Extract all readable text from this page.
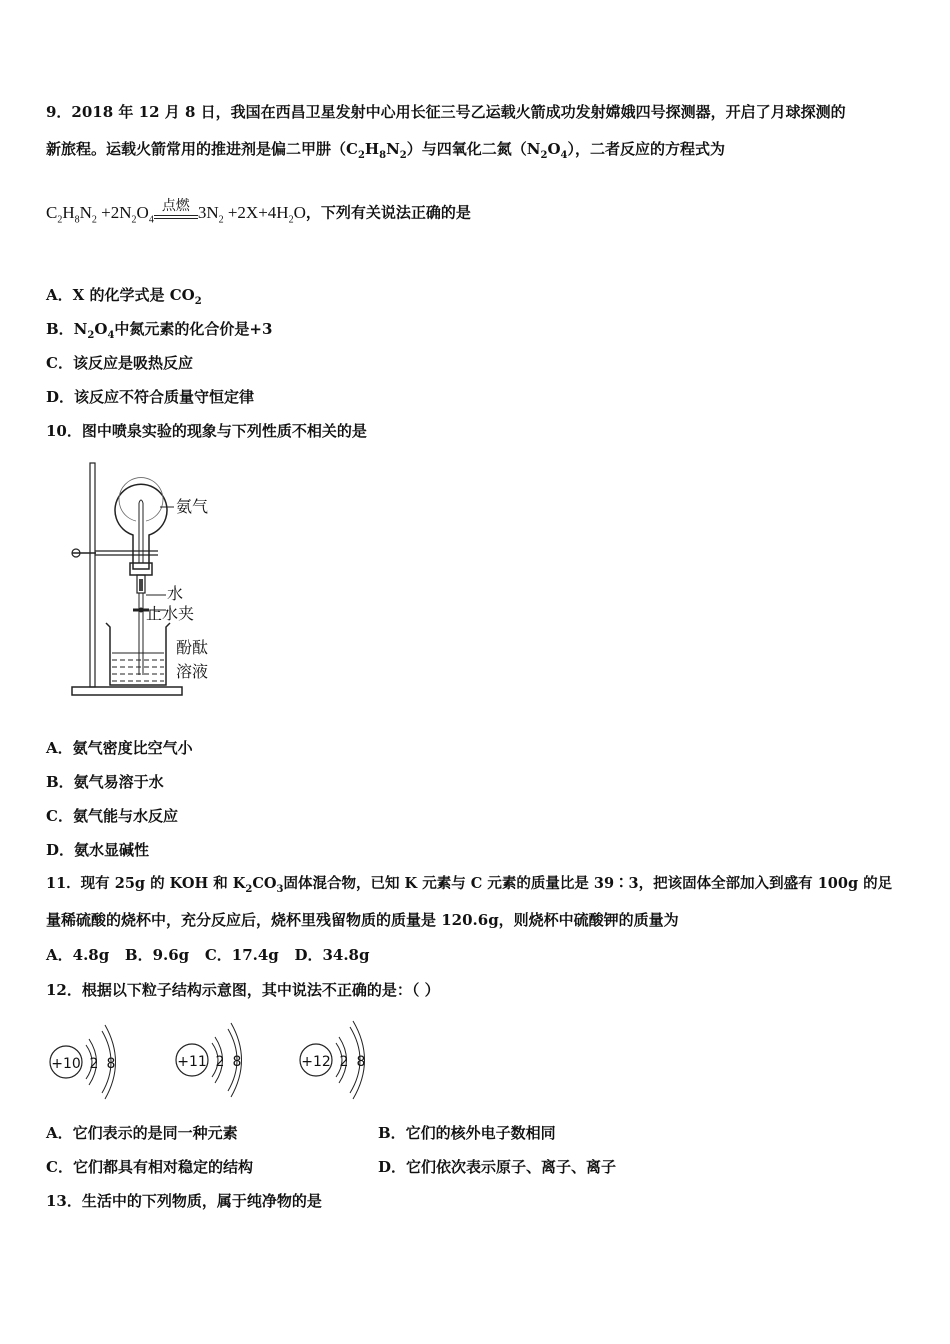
9．2018 年 12 月 8 日，我国在西昌卫星发射中心用长征三号乙运载火箭成功发射嫦娥四号探测器，开启了月球探测的
新旅程。运载火箭常用的推进剂是偏二甲肼$(C_2H_8N_2)$与四氧化二氮$(N_2O_4)$，二者反应的方程式为
$C_2H_8N_2 +2N_2O_4$
点燃 $3N_2 +2X+4H_2O$，下列有关说法正确的是
A．X 的化学式是 $CO_2$
B．$N_2O_4$中氮元素的化合价是+3
C．该反应是吸热反应
D．该反应不符合质量守恒定律
10．图中喷泉实验的现象与下列性质不相关的是
氨气
水
止水夹
酚酞
溶液
A．氨气密度比空气小
B．氨气易溶于水
C．氨气能与水反应
D．氨水显碱性
11．现有 25g 的 KOH 和 $K_2CO_3$固体混合物，已知 K 元素与 C 元素的质量比是 39∶3，把该固体全部加入到盛有 100g 的足
量稀硫酸的烧杯中，充分反应后，烧杯里残留物质的质量是 120.6g，则烧杯中硫酸钾的质量为
A．4.8g   B．9.6g   C．17.4g   D．34.8g
12．根据以下粒子结构示意图，其中说法不正确的是：（ ）
+10 2 8	+11 2 8	+12 2 8
A．它们表示的是同一种元素	B．它们的核外电子数相同
C．它们都具有相对稳定的结构	D．它们依次表示原子、离子、离子
13．生活中的下列物质，属于纯净物的是
